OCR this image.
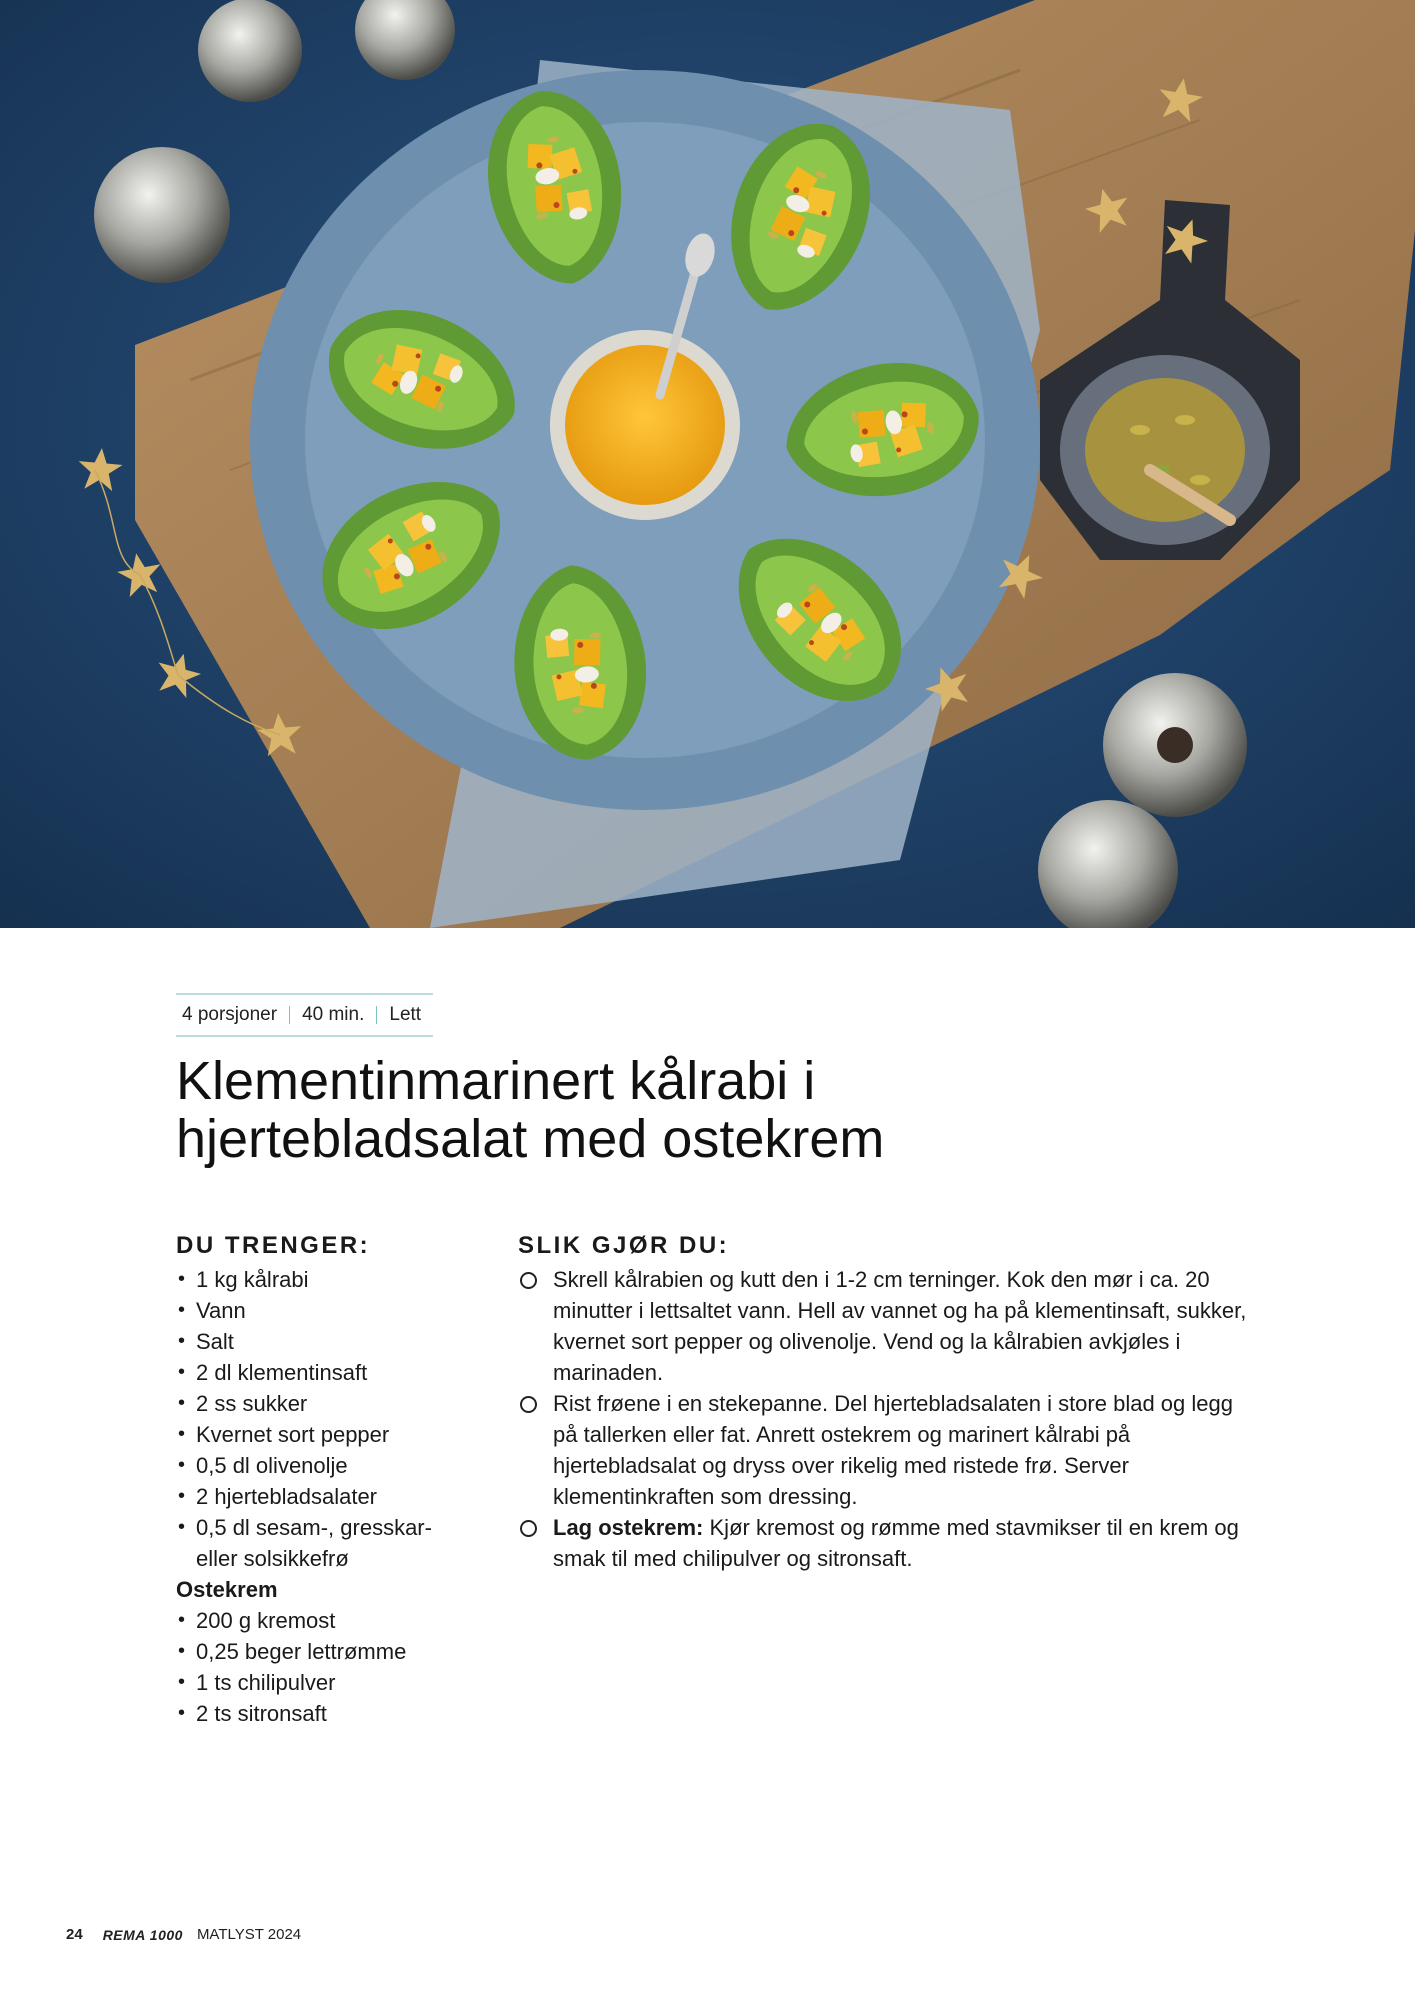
4 porsjoner	40 min.	Lett
Klementinmarinert kålrabi i
hjertebladsalat med ostekrem
DU TRENGER:
• 1 kg kålrabi
• Vann
• Salt
• 2 dl klementinsaft
• 2 ss sukker
• Kvernet sort pepper
• 0,5 dl olivenolje
• 2 hjertebladsalater
• 0,5 dl sesam-, gresskar-
eller solsikkefrø

Ostekrem

• 200 g kremost
• 0,25 beger lettrømme
• 1 ts chilipulver
• 2 ts sitronsaft
SLIK GJØR DU:
Skrell kålrabien og kutt den i 1-2 cm terninger. Kok den mør i ca. 20 minutter i lettsaltet vann. Hell av vannet og ha på klementinsaft, sukker, kvernet sort pepper og olivenolje. Vend og la kålrabien avkjøles i marinaden.
Rist frøene i en stekepanne. Del hjertebladsalaten i store blad og legg på tallerken eller fat. Anrett ostekrem og marinert kålrabi på hjertebladsalat og dryss over rikelig med ristede frø. Server klementinkraften som dressing.
Lag ostekrem: Kjør kremost og rømme med stavmikser til en krem og smak til med chilipulver og sitronsaft.
24 REMA 1000 MATLYST 2024
